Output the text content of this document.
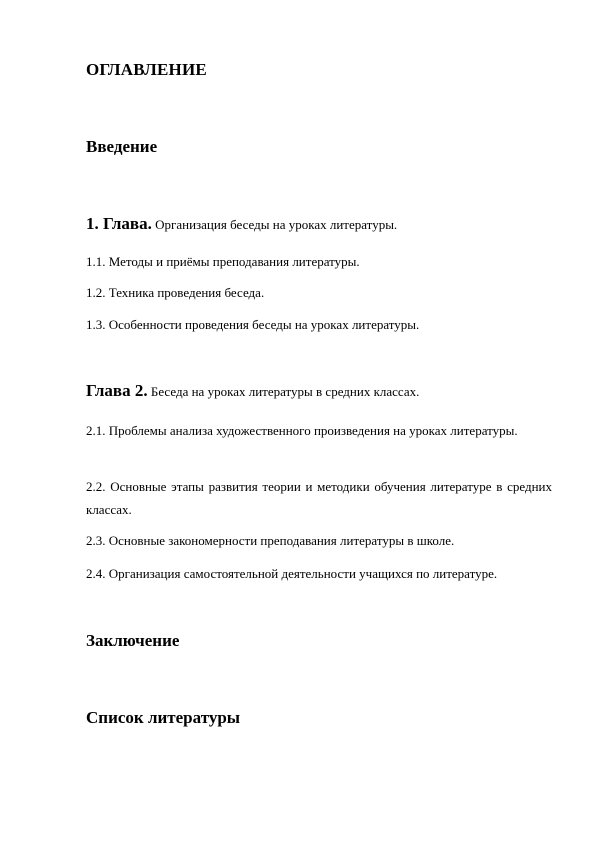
ОГЛАВЛЕНИЕ

Введение

1. Глава. Организация беседы на уроках литературы.

1.1. Методы и приёмы преподавания литературы.

1.2. Техника проведения беседа.

1.3. Особенности проведения беседы на уроках литературы.

Глава 2. Беседа на уроках литературы в средних классах.

2.1. Проблемы анализа художественного произведения на уроках литературы.

2.2. Основные этапы развития теории и методики обучения литературе в средних классах.

2.3. Основные закономерности преподавания литературы в школе.

2.4. Организация самостоятельной деятельности учащихся по литературе.

Заключение

Список литературы
